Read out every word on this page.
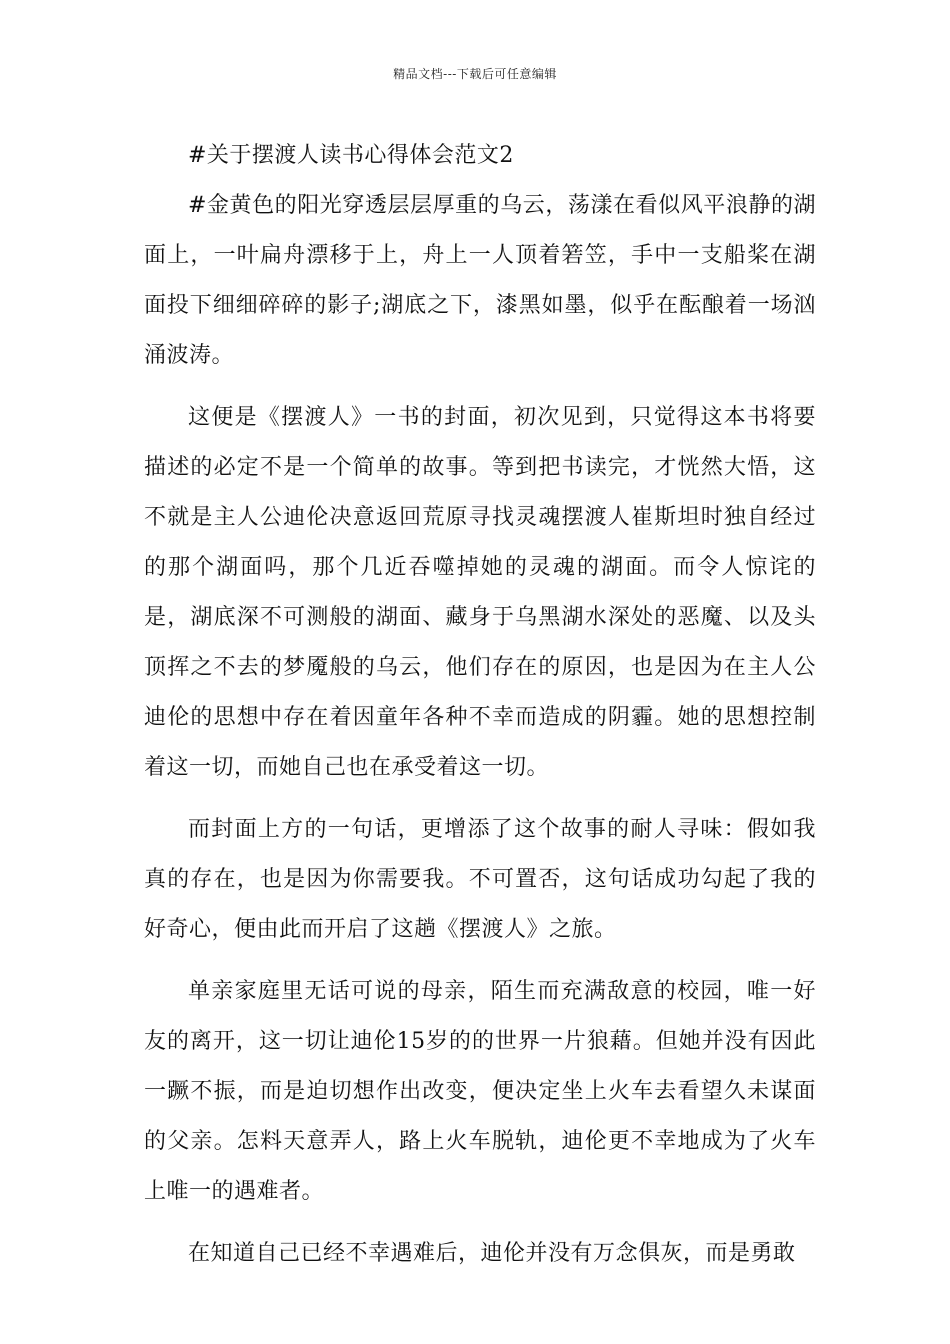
精品文档---下载后可任意编辑

#关于摆渡人读书心得体会范文2

#金黄色的阳光穿透层层厚重的乌云，荡漾在看似风平浪静的湖面上，一叶扁舟漂移于上，舟上一人顶着箬笠，手中一支船桨在湖面投下细细碎碎的影子;湖底之下，漆黑如墨，似乎在酝酿着一场汹涌波涛。

这便是《摆渡人》一书的封面，初次见到，只觉得这本书将要描述的必定不是一个简单的故事。等到把书读完，才恍然大悟，这不就是主人公迪伦决意返回荒原寻找灵魂摆渡人崔斯坦时独自经过的那个湖面吗，那个几近吞噬掉她的灵魂的湖面。而令人惊诧的是，湖底深不可测般的湖面、藏身于乌黑湖水深处的恶魔、以及头顶挥之不去的梦魇般的乌云，他们存在的原因，也是因为在主人公迪伦的思想中存在着因童年各种不幸而造成的阴霾。她的思想控制着这一切，而她自己也在承受着这一切。

而封面上方的一句话，更增添了这个故事的耐人寻味：假如我真的存在，也是因为你需要我。不可置否，这句话成功勾起了我的好奇心，便由此而开启了这趟《摆渡人》之旅。

单亲家庭里无话可说的母亲，陌生而充满敌意的校园，唯一好友的离开，这一切让迪伦15岁的的世界一片狼藉。但她并没有因此一蹶不振，而是迫切想作出改变，便决定坐上火车去看望久未谋面的父亲。怎料天意弄人，路上火车脱轨，迪伦更不幸地成为了火车上唯一的遇难者。

在知道自己已经不幸遇难后，迪伦并没有万念俱灰，而是勇敢
